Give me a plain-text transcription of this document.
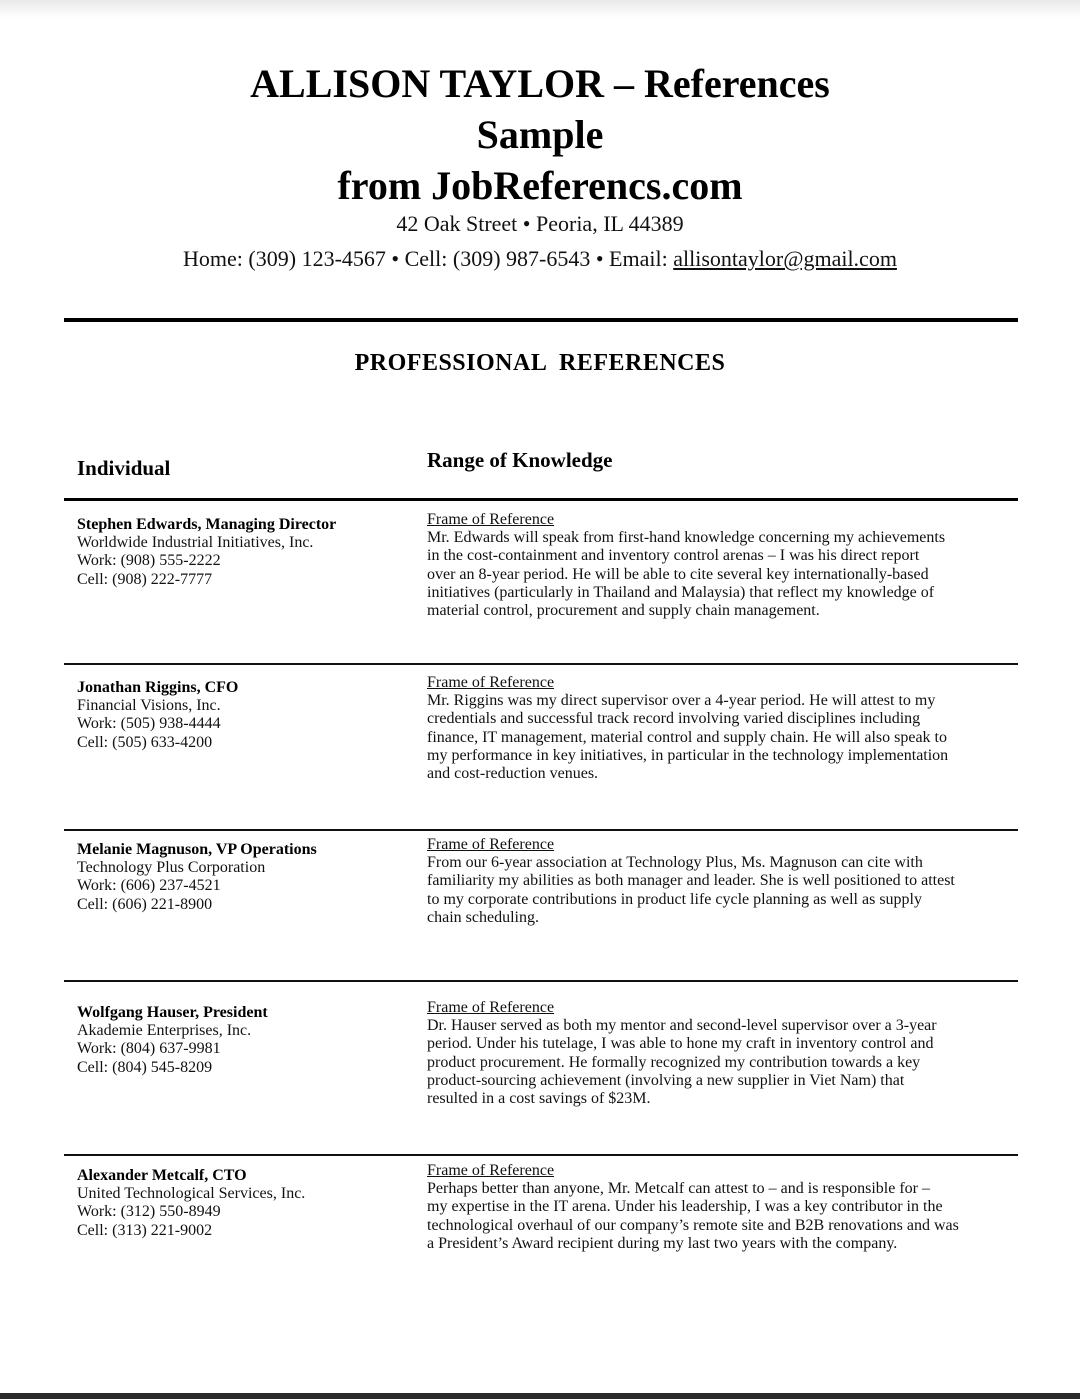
ALLISON TAYLOR – References
Sample
from JobReferencs.com
42 Oak Street • Peoria, IL 44389
Home: (309) 123-4567 • Cell: (309) 987-6543 • Email: allisontaylor@gmail.com
PROFESSIONAL  REFERENCES
Individual	Range of Knowledge
Stephen Edwards, Managing Director
Worldwide Industrial Initiatives, Inc.
Work: (908) 555-2222
Cell: (908) 222-7777
Frame of Reference
Mr. Edwards will speak from first-hand knowledge concerning my achievements
in the cost-containment and inventory control arenas – I was his direct report
over an 8-year period. He will be able to cite several key internationally-based
initiatives (particularly in Thailand and Malaysia) that reflect my knowledge of
material control, procurement and supply chain management.
Jonathan Riggins, CFO
Financial Visions, Inc.
Work: (505) 938-4444
Cell: (505) 633-4200
Frame of Reference
Mr. Riggins was my direct supervisor over a 4-year period. He will attest to my
credentials and successful track record involving varied disciplines including
finance, IT management, material control and supply chain. He will also speak to
my performance in key initiatives, in particular in the technology implementation
and cost-reduction venues.
Melanie Magnuson, VP Operations
Technology Plus Corporation
Work: (606) 237-4521
Cell: (606) 221-8900
Frame of Reference
From our 6-year association at Technology Plus, Ms. Magnuson can cite with
familiarity my abilities as both manager and leader. She is well positioned to attest
to my corporate contributions in product life cycle planning as well as supply
chain scheduling.
Wolfgang Hauser, President
Akademie Enterprises, Inc.
Work: (804) 637-9981
Cell: (804) 545-8209
Frame of Reference
Dr. Hauser served as both my mentor and second-level supervisor over a 3-year
period. Under his tutelage, I was able to hone my craft in inventory control and
product procurement. He formally recognized my contribution towards a key
product-sourcing achievement (involving a new supplier in Viet Nam) that
resulted in a cost savings of $23M.
Alexander Metcalf, CTO
United Technological Services, Inc.
Work: (312) 550-8949
Cell: (313) 221-9002
Frame of Reference
Perhaps better than anyone, Mr. Metcalf can attest to – and is responsible for –
my expertise in the IT arena. Under his leadership, I was a key contributor in the
technological overhaul of our company’s remote site and B2B renovations and was
a President’s Award recipient during my last two years with the company.
